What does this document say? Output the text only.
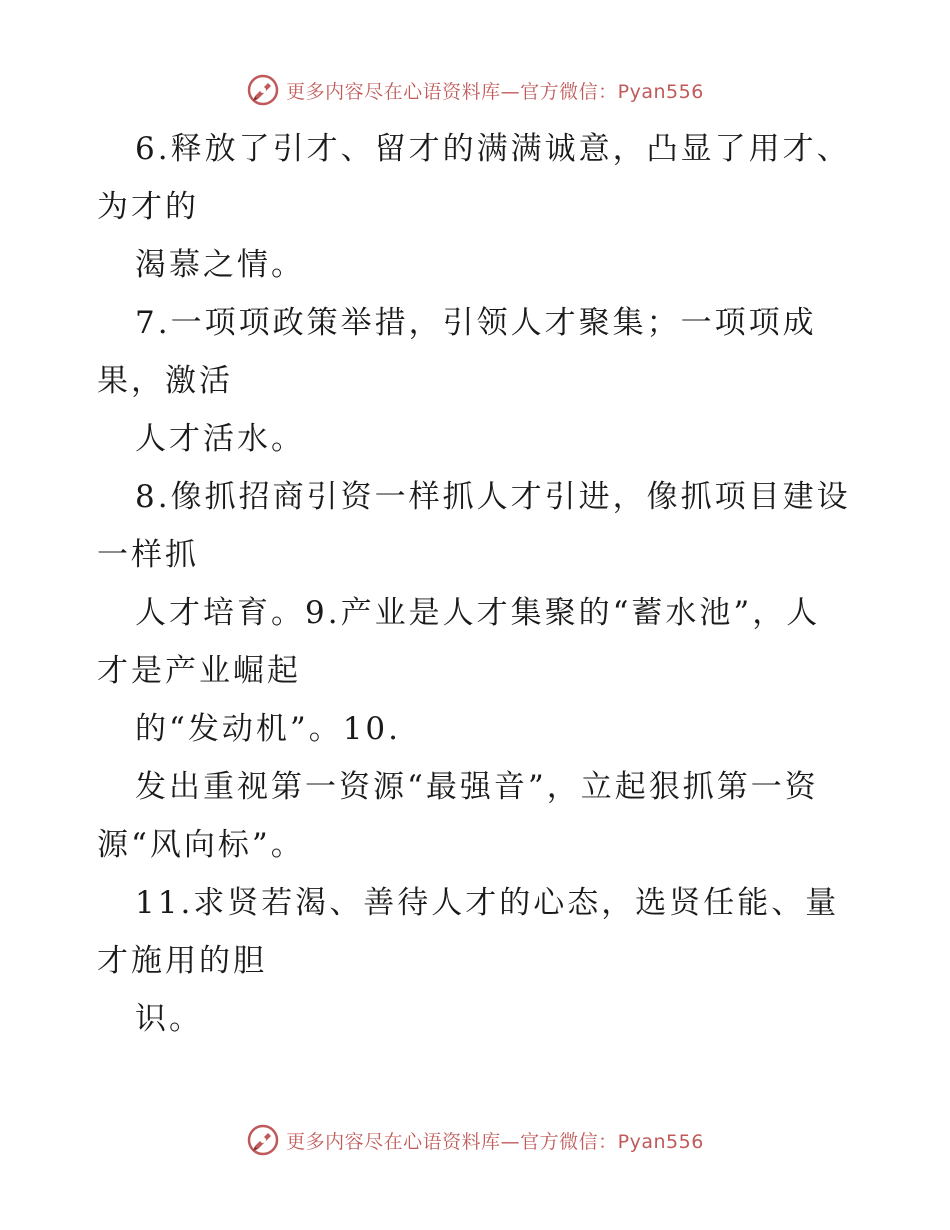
更多内容尽在心语资料库—官方微信：Pyan556
6.释放了引才、留才的满满诚意，凸显了用才、
为才的
渴慕之情。
7.一项项政策举措，引领人才聚集；一项项成
果，激活
人才活水。
8.像抓招商引资一样抓人才引进，像抓项目建设
一样抓
人才培育。9.产业是人才集聚的“蓄水池”，人
才是产业崛起
的“发动机”。10.
发出重视第一资源“最强音”，立起狠抓第一资
源“风向标”。
11.求贤若渴、善待人才的心态，选贤任能、量
才施用的胆
识。
更多内容尽在心语资料库—官方微信：Pyan556
